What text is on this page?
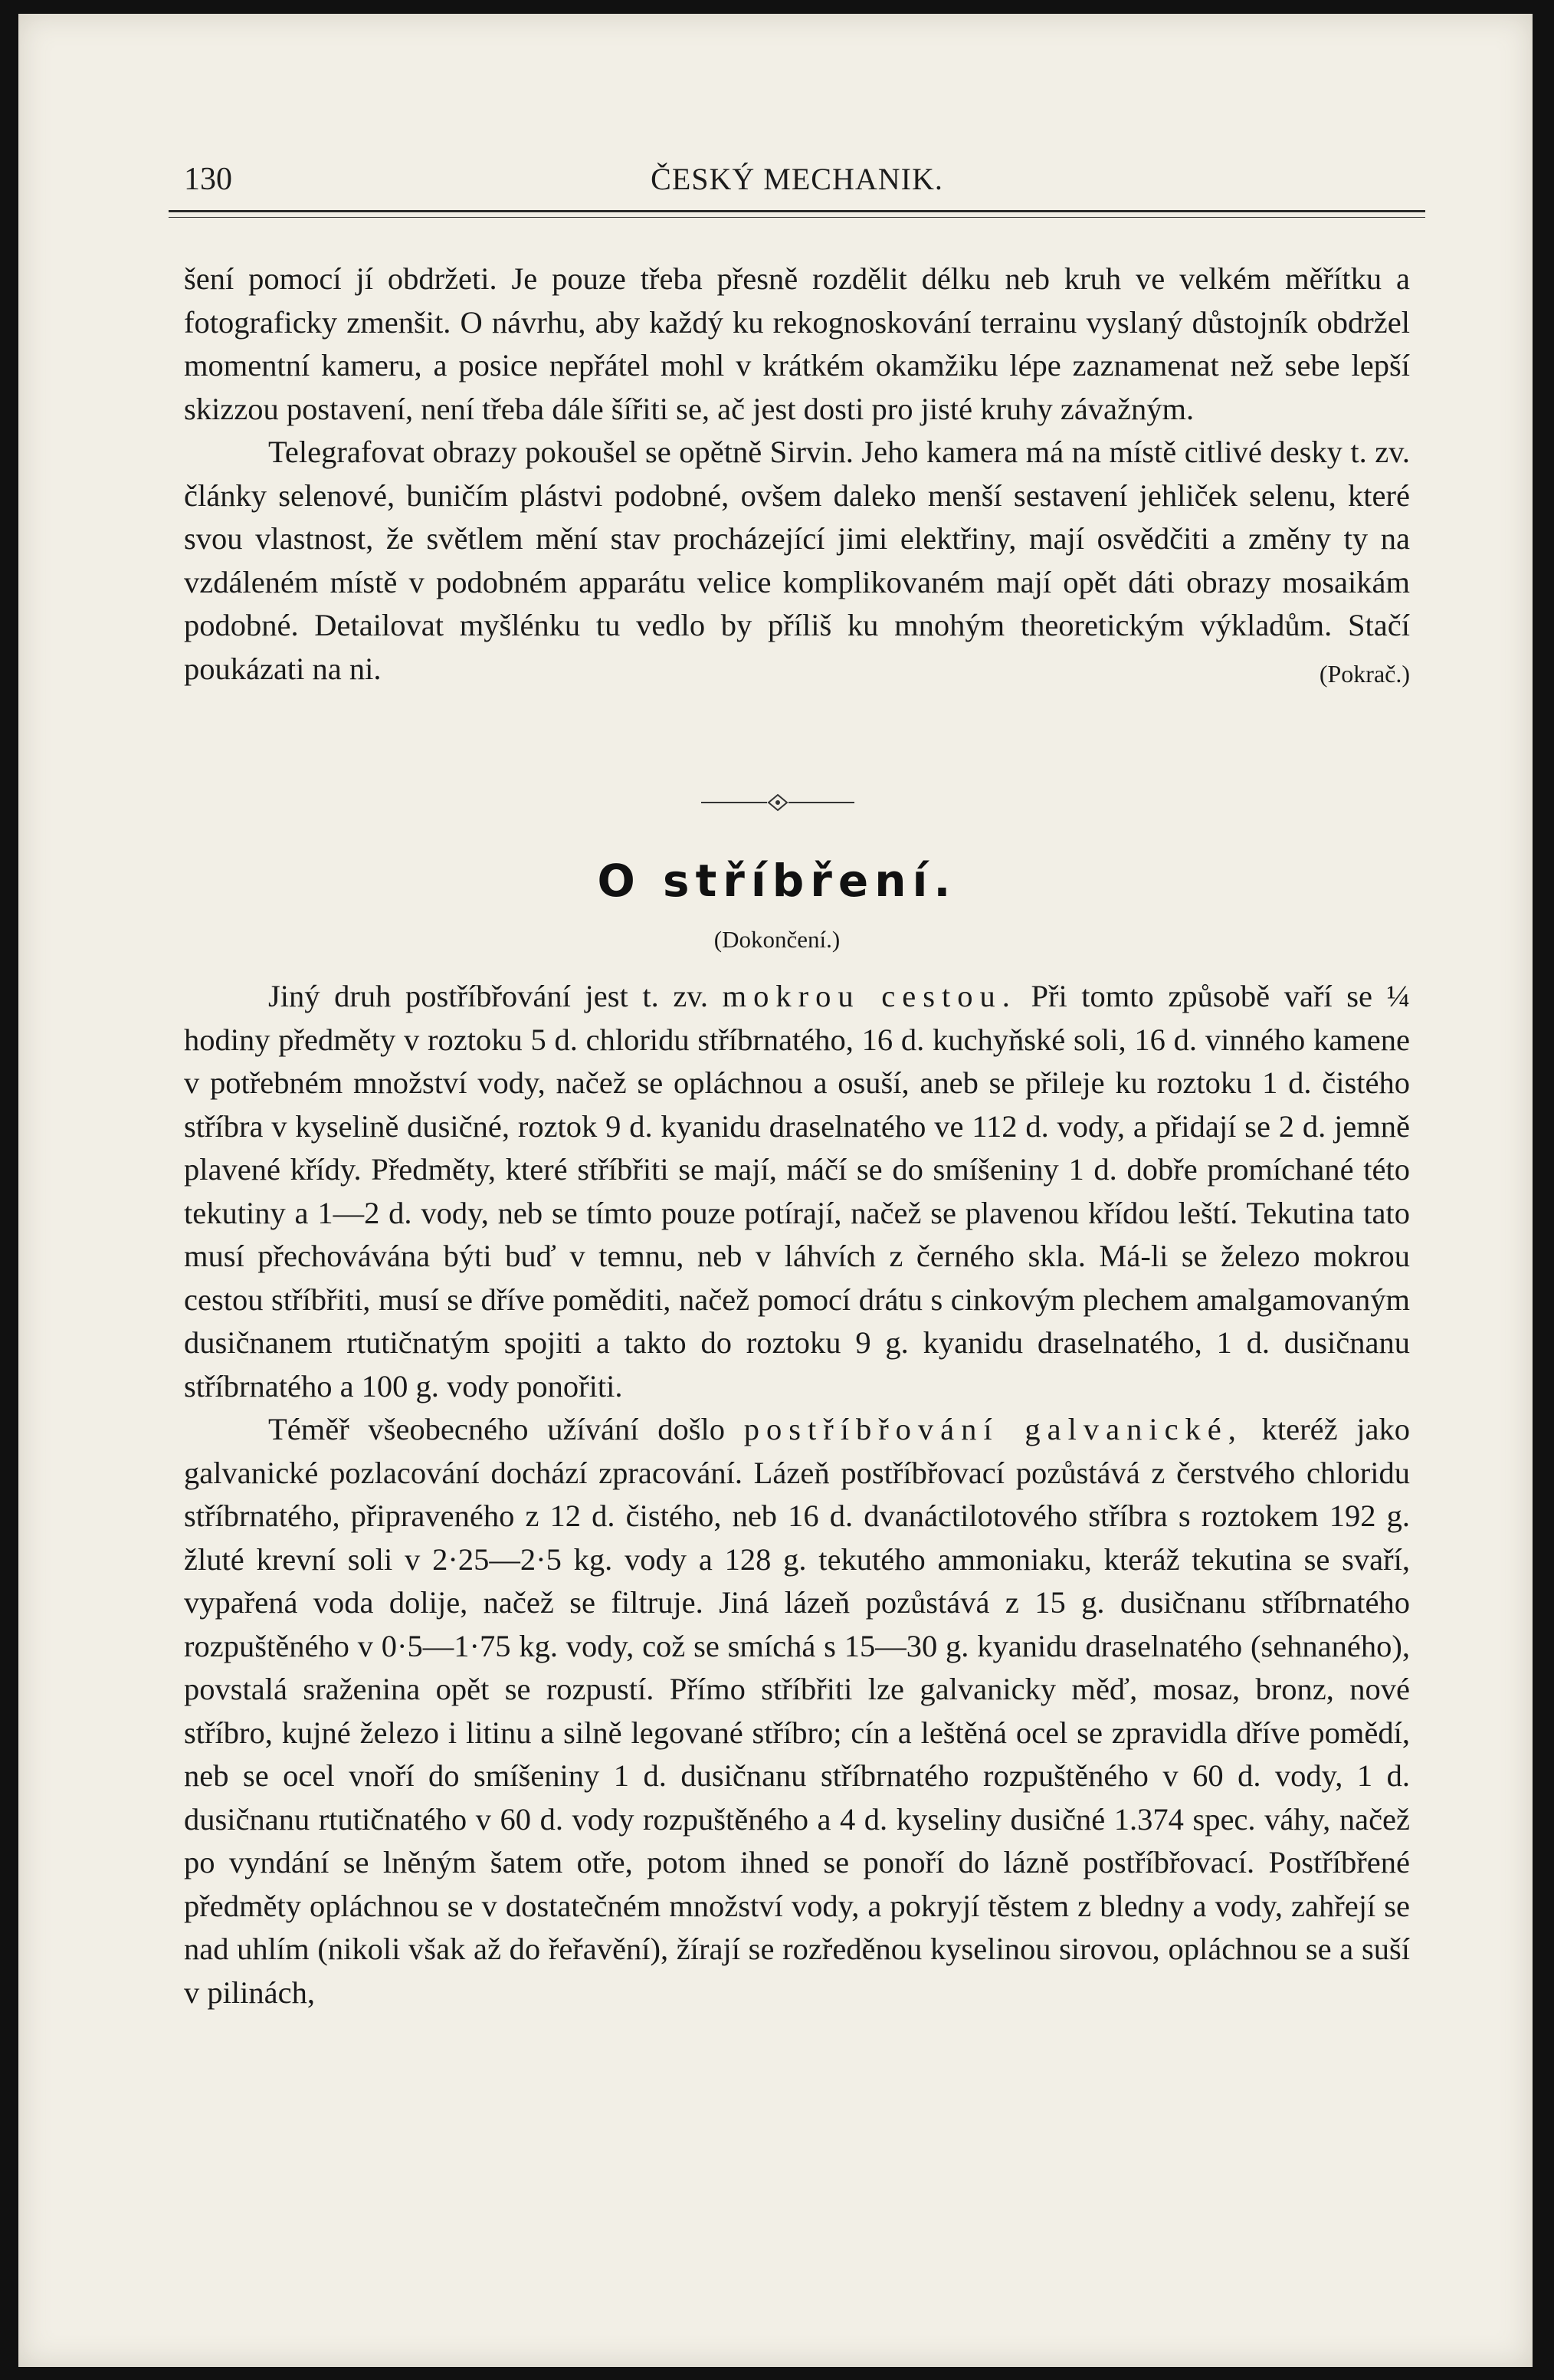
130	ČESKÝ MECHANIK.

šení pomocí jí obdržeti. Je pouze třeba přesně rozdělit délku neb kruh ve velkém měřítku a fotograficky zmenšit. O návrhu, aby každý ku rekognoskování terrainu vyslaný důstojník obdržel momentní kameru, a posice nepřátel mohl v krátkém okamžiku lépe zaznamenat než sebe lepší skizzou postavení, není třeba dále šířiti se, ač jest dosti pro jisté kruhy závažným.

Telegrafovat obrazy pokoušel se opětně Sirvin. Jeho kamera má na místě citlivé desky t. zv. články selenové, buničím plástvi podobné, ovšem daleko menší sestavení jehliček selenu, které svou vlastnost, že světlem mění stav procházející jimi elektřiny, mají osvědčiti a změny ty na vzdáleném místě v podobném apparátu velice komplikovaném mají opět dáti obrazy mosaikám podobné. Detailovat myšlénku tu vedlo by příliš ku mnohým theoretickým výkladům. Stačí poukázati na ni.	(Pokrač.)

O stříbření.
(Dokončení.)

Jiný druh postříbřování jest t. zv. mokrou cestou. Při tomto způsobě vaří se ¼ hodiny předměty v roztoku 5 d. chloridu stříbrnatého, 16 d. kuchyňské soli, 16 d. vinného kamene v potřebném množství vody, načež se opláchnou a osuší, aneb se přileje ku roztoku 1 d. čistého stříbra v kyselině dusičné, roztok 9 d. kyanidu draselnatého ve 112 d. vody, a přidají se 2 d. jemně plavené křídy. Předměty, které stříbřiti se mají, máčí se do smíšeniny 1 d. dobře promíchané této tekutiny a 1—2 d. vody, neb se tímto pouze potírají, načež se plavenou křídou leští. Tekutina tato musí přechovávána býti buď v temnu, neb v láhvích z černého skla. Má-li se železo mokrou cestou stříbřiti, musí se dříve poměditi, načež pomocí drátu s cinkovým plechem amalgamovaným dusičnanem rtutičnatým spojiti a takto do roztoku 9 g. kyanidu draselnatého, 1 d. dusičnanu stříbrnatého a 100 g. vody ponořiti.

Téměř všeobecného užívání došlo postříbřování galvanické, kteréž jako galvanické pozlacování dochází zpracování. Lázeň postříbřovací pozůstává z čerstvého chloridu stříbrnatého, připraveného z 12 d. čistého, neb 16 d. dvanáctilotového stříbra s roztokem 192 g. žluté krevní soli v 2·25—2·5 kg. vody a 128 g. tekutého ammoniaku, kteráž tekutina se svaří, vypařená voda dolije, načež se filtruje. Jiná lázeň pozůstává z 15 g. dusičnanu stříbrnatého rozpuštěného v 0·5—1·75 kg. vody, což se smíchá s 15—30 g. kyanidu draselnatého (sehnaného), povstalá sraženina opět se rozpustí. Přímo stříbřiti lze galvanicky měď, mosaz, bronz, nové stříbro, kujné železo i litinu a silně legované stříbro; cín a leštěná ocel se zpravidla dříve pomědí, neb se ocel vnoří do smíšeniny 1 d. dusičnanu stříbrnatého rozpuštěného v 60 d. vody, 1 d. dusičnanu rtutičnatého v 60 d. vody rozpuštěného a 4 d. kyseliny dusičné 1.374 spec. váhy, načež po vyndání se lněným šatem otře, potom ihned se ponoří do lázně postříbřovací. Postříbřené předměty opláchnou se v dostatečném množství vody, a pokryjí těstem z bledny a vody, zahřejí se nad uhlím (nikoli však až do řeřavění), žírají se rozředěnou kyselinou sirovou, opláchnou se a suší v pilinách,
